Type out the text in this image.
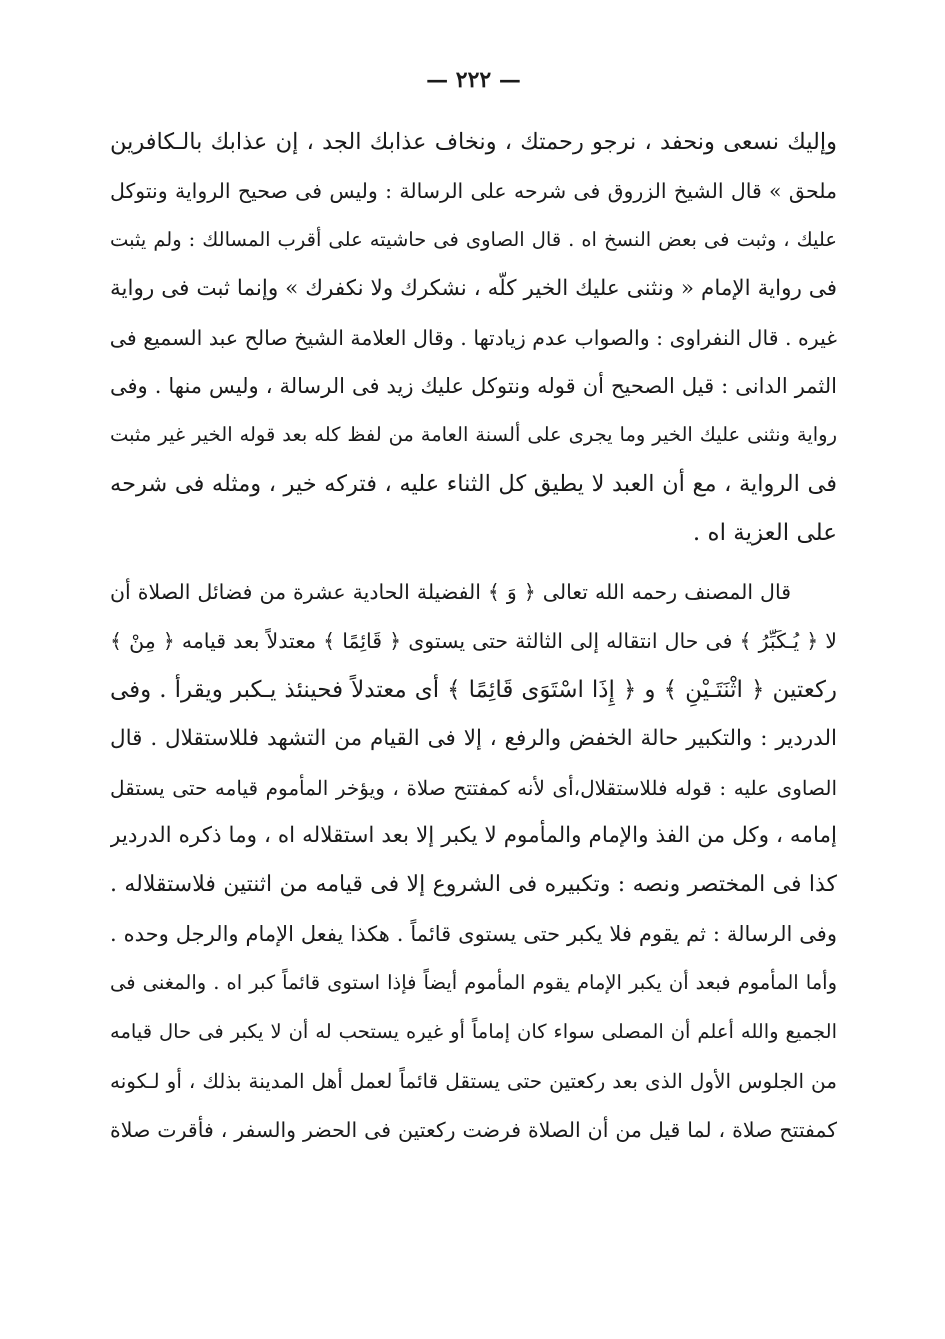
— ٢٢٢ —
وإليك نسعى ونحفد ، نرجو رحمتك ، ونخاف عذابك الجد ، إن عذابك بالـكافرين
ملحق » قال الشيخ الزروق فى شرحه على الرسالة : وليس فى صحيح الرواية ونتوكل
عليك ، وثبت فى بعض النسخ اه . قال الصاوى فى حاشيته على أقرب المسالك : ولم يثبت
فى رواية الإمام « ونثنى عليك الخير كلّه ، نشكرك ولا نكفرك » وإنما ثبت فى رواية
غيره . قال النفراوى : والصواب عدم زيادتها . وقال العلامة الشيخ صالح عبد السميع فى
الثمر الدانى : قيل الصحيح أن قوله ونتوكل عليك زيد فى الرسالة ، وليس منها . وفى
رواية ونثنى عليك الخير وما يجرى على ألسنة العامة من لفظ كله بعد قوله الخير غير مثبت
فى الرواية ، مع أن العبد لا يطيق كل الثناء عليه ، فتركه خير ، ومثله فى شرحه
على العزية اه .
قال المصنف رحمه الله تعالى ﴿ وَ ﴾ الفضيلة الحادية عشرة من فضائل الصلاة أن
لا ﴿ يُـكَبِّرُ ﴾ فى حال انتقاله إلى الثالثة حتى يستوى ﴿ قَائِمًا ﴾ معتدلاً بعد قيامه ﴿ مِنْ ﴾
ركعتين ﴿ اثْنَتَـيْنِ ﴾ و ﴿ إِذَا اسْتَوَى قَائِمًا ﴾ أى معتدلاً فحينئذ يـكبر ويقرأ . وفى
الدردير : والتكبير حالة الخفض والرفع ، إلا فى القيام من التشهد فللاستقلال . قال
الصاوى عليه : قوله فللاستقلال،أى لأنه كمفتتح صلاة ، ويؤخر المأموم قيامه حتى يستقل
إمامه ، وكل من الفذ والإمام والمأموم لا يكبر إلا بعد استقلاله اه ، وما ذكره الدردير
كذا فى المختصر ونصه : وتكبيره فى الشروع إلا فى قيامه من اثنتين فلاستقلاله .
وفى الرسالة : ثم يقوم فلا يكبر حتى يستوى قائماً . هكذا يفعل الإمام والرجل وحده .
وأما المأموم فبعد أن يكبر الإمام يقوم المأموم أيضاً فإذا استوى قائماً كبر اه . والمغنى فى
الجميع والله أعلم أن المصلى سواء كان إماماً أو غيره يستحب له أن لا يكبر فى حال قيامه
من الجلوس الأول الذى بعد ركعتين حتى يستقل قائماً لعمل أهل المدينة بذلك ، أو لـكونه
كمفتتح صلاة ، لما قيل من أن الصلاة فرضت ركعتين فى الحضر والسفر ، فأقرت صلاة
